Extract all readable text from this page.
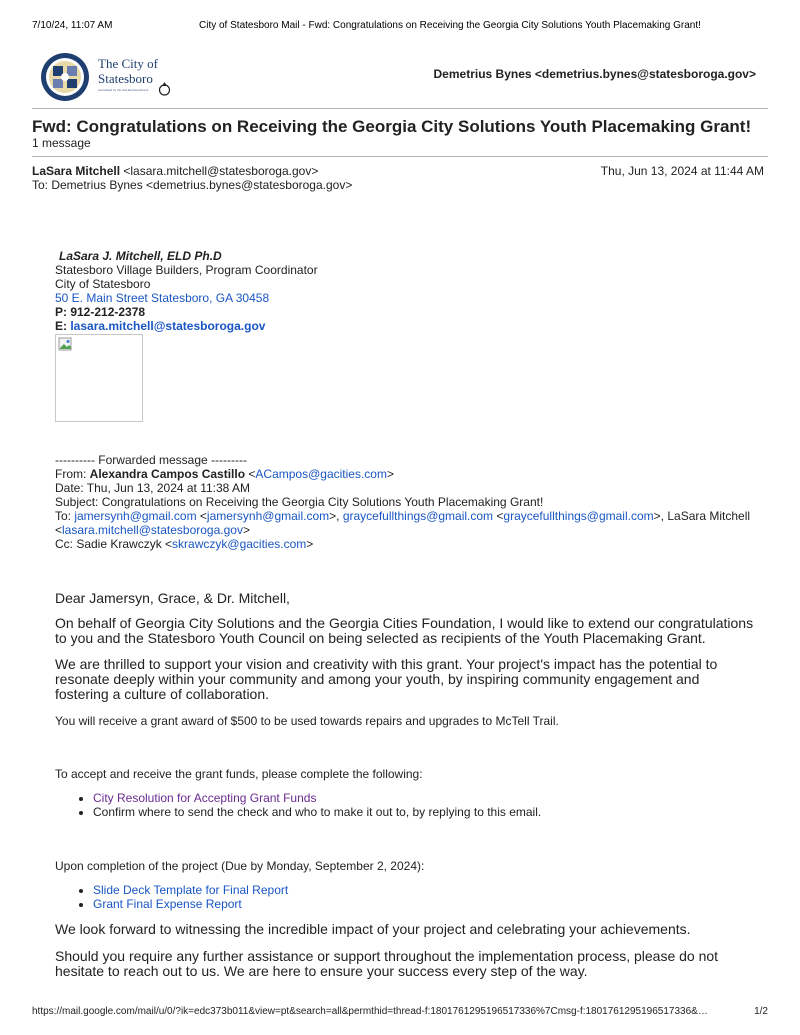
7/10/24, 11:07 AM	City of Statesboro Mail - Fwd: Congratulations on Receiving the Georgia City Solutions Youth Placemaking Grant!
The City of
Statesboro
Accredited by the CALEA Department
Demetrius Bynes <demetrius.bynes@statesboroga.gov>
Fwd: Congratulations on Receiving the Georgia City Solutions Youth Placemaking Grant!
1 message
LaSara Mitchell <lasara.mitchell@statesboroga.gov>	Thu, Jun 13, 2024 at 11:44 AM
To: Demetrius Bynes <demetrius.bynes@statesboroga.gov>
LaSara J. Mitchell, ELD Ph.D
Statesboro Village Builders, Program Coordinator
City of Statesboro
50 E. Main Street Statesboro, GA 30458
P: 912-212-2378
E: lasara.mitchell@statesboroga.gov
---------- Forwarded message ---------
From: Alexandra Campos Castillo <ACampos@gacities.com>
Date: Thu, Jun 13, 2024 at 11:38 AM
Subject: Congratulations on Receiving the Georgia City Solutions Youth Placemaking Grant!
To: jamersynh@gmail.com <jamersynh@gmail.com>, graycefullthings@gmail.com <graycefullthings@gmail.com>, LaSara Mitchell
<lasara.mitchell@statesboroga.gov>
Cc: Sadie Krawczyk <skrawczyk@gacities.com>
Dear Jamersyn, Grace, & Dr. Mitchell,
On behalf of Georgia City Solutions and the Georgia Cities Foundation, I would like to extend our congratulations to you and the Statesboro Youth Council on being selected as recipients of the Youth Placemaking Grant.
We are thrilled to support your vision and creativity with this grant. Your project's impact has the potential to resonate deeply within your community and among your youth, by inspiring community engagement and fostering a culture of collaboration.
You will receive a grant award of $500 to be used towards repairs and upgrades to McTell Trail.
To accept and receive the grant funds, please complete the following:
• City Resolution for Accepting Grant Funds
• Confirm where to send the check and who to make it out to, by replying to this email.
Upon completion of the project (Due by Monday, September 2, 2024):
• Slide Deck Template for Final Report
• Grant Final Expense Report
We look forward to witnessing the incredible impact of your project and celebrating your achievements.
Should you require any further assistance or support throughout the implementation process, please do not hesitate to reach out to us. We are here to ensure your success every step of the way.
https://mail.google.com/mail/u/0/?ik=edc373b011&view=pt&search=all&permthid=thread-f:1801761295196517336%7Cmsg-f:1801761295196517336&…	1/2
